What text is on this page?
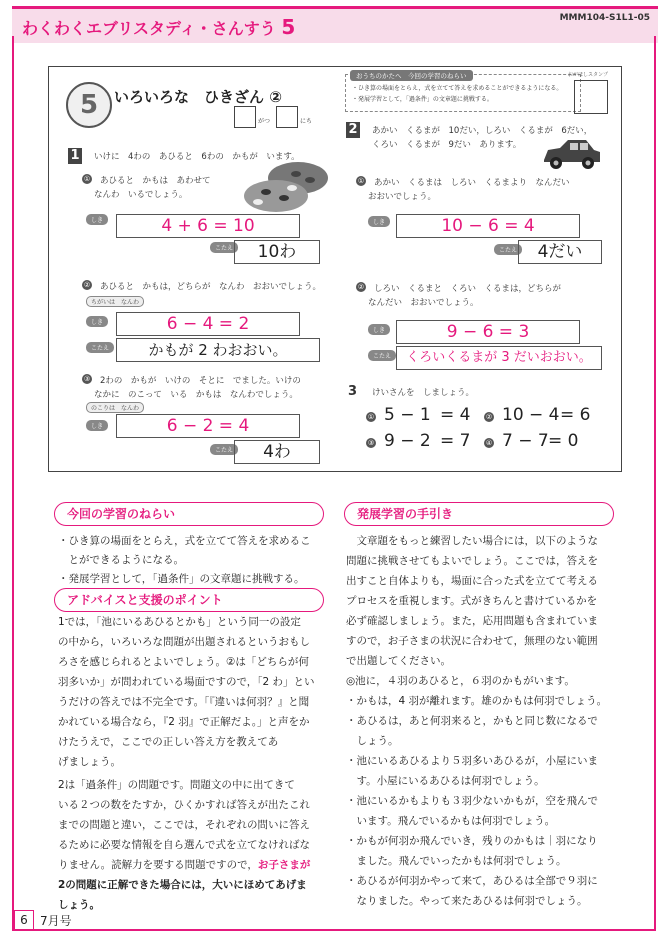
わくわくエブリスタディ・さんすう 5	MMM104-S1L1-05
5	いろいろな　ひきざん ②
がつ	にち
おうちのかたへ　今回の学習のねらい
・ひき算の場面をとらえ，式を立てて答えを求めることができるようになる。
・発展学習として，「過条件」の文章題に挑戦する。
おがほしスタンプ
1 いけに　4わの　あひると　6わの　かもが　います。
① あひると　かもは　あわせて
なんわ　いるでしょう。
しき	4 + 6 = 10
こたえ	10わ
② あひると　かもは，どちらが　なんわ　おおいでしょう。
ちがいは　なんわ
しき	6 − 4 = 2
こたえ	かもが 2 わおおい。
③ 2わの　かもが　いけの　そとに　でました。いけの
なかに　のこって　いる　かもは　なんわでしょう。
のこりは　なんわ
しき	6 − 2 = 4
こたえ	4わ
2 あかい　くるまが　10だい，しろい　くるまが　6だい，
くろい　くるまが　9だい　あります。
① あかい　くるまは　しろい　くるまより　なんだい
おおいでしょう。
しき	10 − 6 = 4
こたえ	4だい
② しろい　くるまと　くろい　くるまは，どちらが
なんだい　おおいでしょう。
しき	9 − 6 = 3
こたえ	くろいくるまが 3 だいおおい。
3 けいさんを　しましょう。
① 5 − 1 = 4 ② 10 − 4 = 6
③ 9 − 2 = 7 ④ 7 − 7 = 0
今回の学習のねらい
・ひき算の場面をとらえ，式を立てて答えを求めるこ
　とができるようになる。
・発展学習として，「過条件」の文章題に挑戦する。
アドバイスと支援のポイント
1では，「池にいるあひるとかも」という同一の設定
の中から，いろいろな問題が出題されるというおもし
ろさを感じられるとよいでしょう。②は「どちらが何
羽多いか」が問われている場面ですので，「2 わ」とい
うだけの答えでは不完全です。「『違いは何羽？』と聞
かれている場合なら，『2 羽』で正解だよ。」と声をか
けたうえで，ここでの正しい答え方を教えてあ
げましょう。
2は「過条件」の問題です。問題文の中に出てきて
いる２つの数をたすか，ひくかすれば答えが出たこれ
までの問題と違い，ここでは，それぞれの問いに答え
るために必要な情報を自ら選んで式を立てなければな
りません。読解力を要する問題ですので，お子さまが
2の問題に正解できた場合には，大いにほめてあげま
しょう。
発展学習の手引き
　文章題をもっと練習したい場合には，以下のような
問題に挑戦させてもよいでしょう。ここでは，答えを
出すこと自体よりも，場面に合った式を立てて考える
プロセスを重視します。式がきちんと書けているかを
必ず確認しましょう。また，応用問題も含まれていま
すので，お子さまの状況に合わせて，無理のない範囲
で出題してください。
◎池に，４羽のあひると，６羽のかもがいます。
・かもは，4 羽が離れます。雄のかもは何羽でしょう。
・あひるは，あと何羽来ると，かもと同じ数になるで
　しょう。
・池にいるあひるより５羽多いあひるが，小屋にいま
　す。小屋にいるあひるは何羽でしょう。
・池にいるかもよりも３羽少ないかもが，空を飛んで
　います。飛んでいるかもは何羽でしょう。
・かもが何羽か飛んでいき，残りのかもは｜羽になり
　ました。飛んでいったかもは何羽でしょう。
・あひるが何羽かやって来て，あひるは全部で９羽に
　なりました。やって来たあひるは何羽でしょう。
6	7月号
